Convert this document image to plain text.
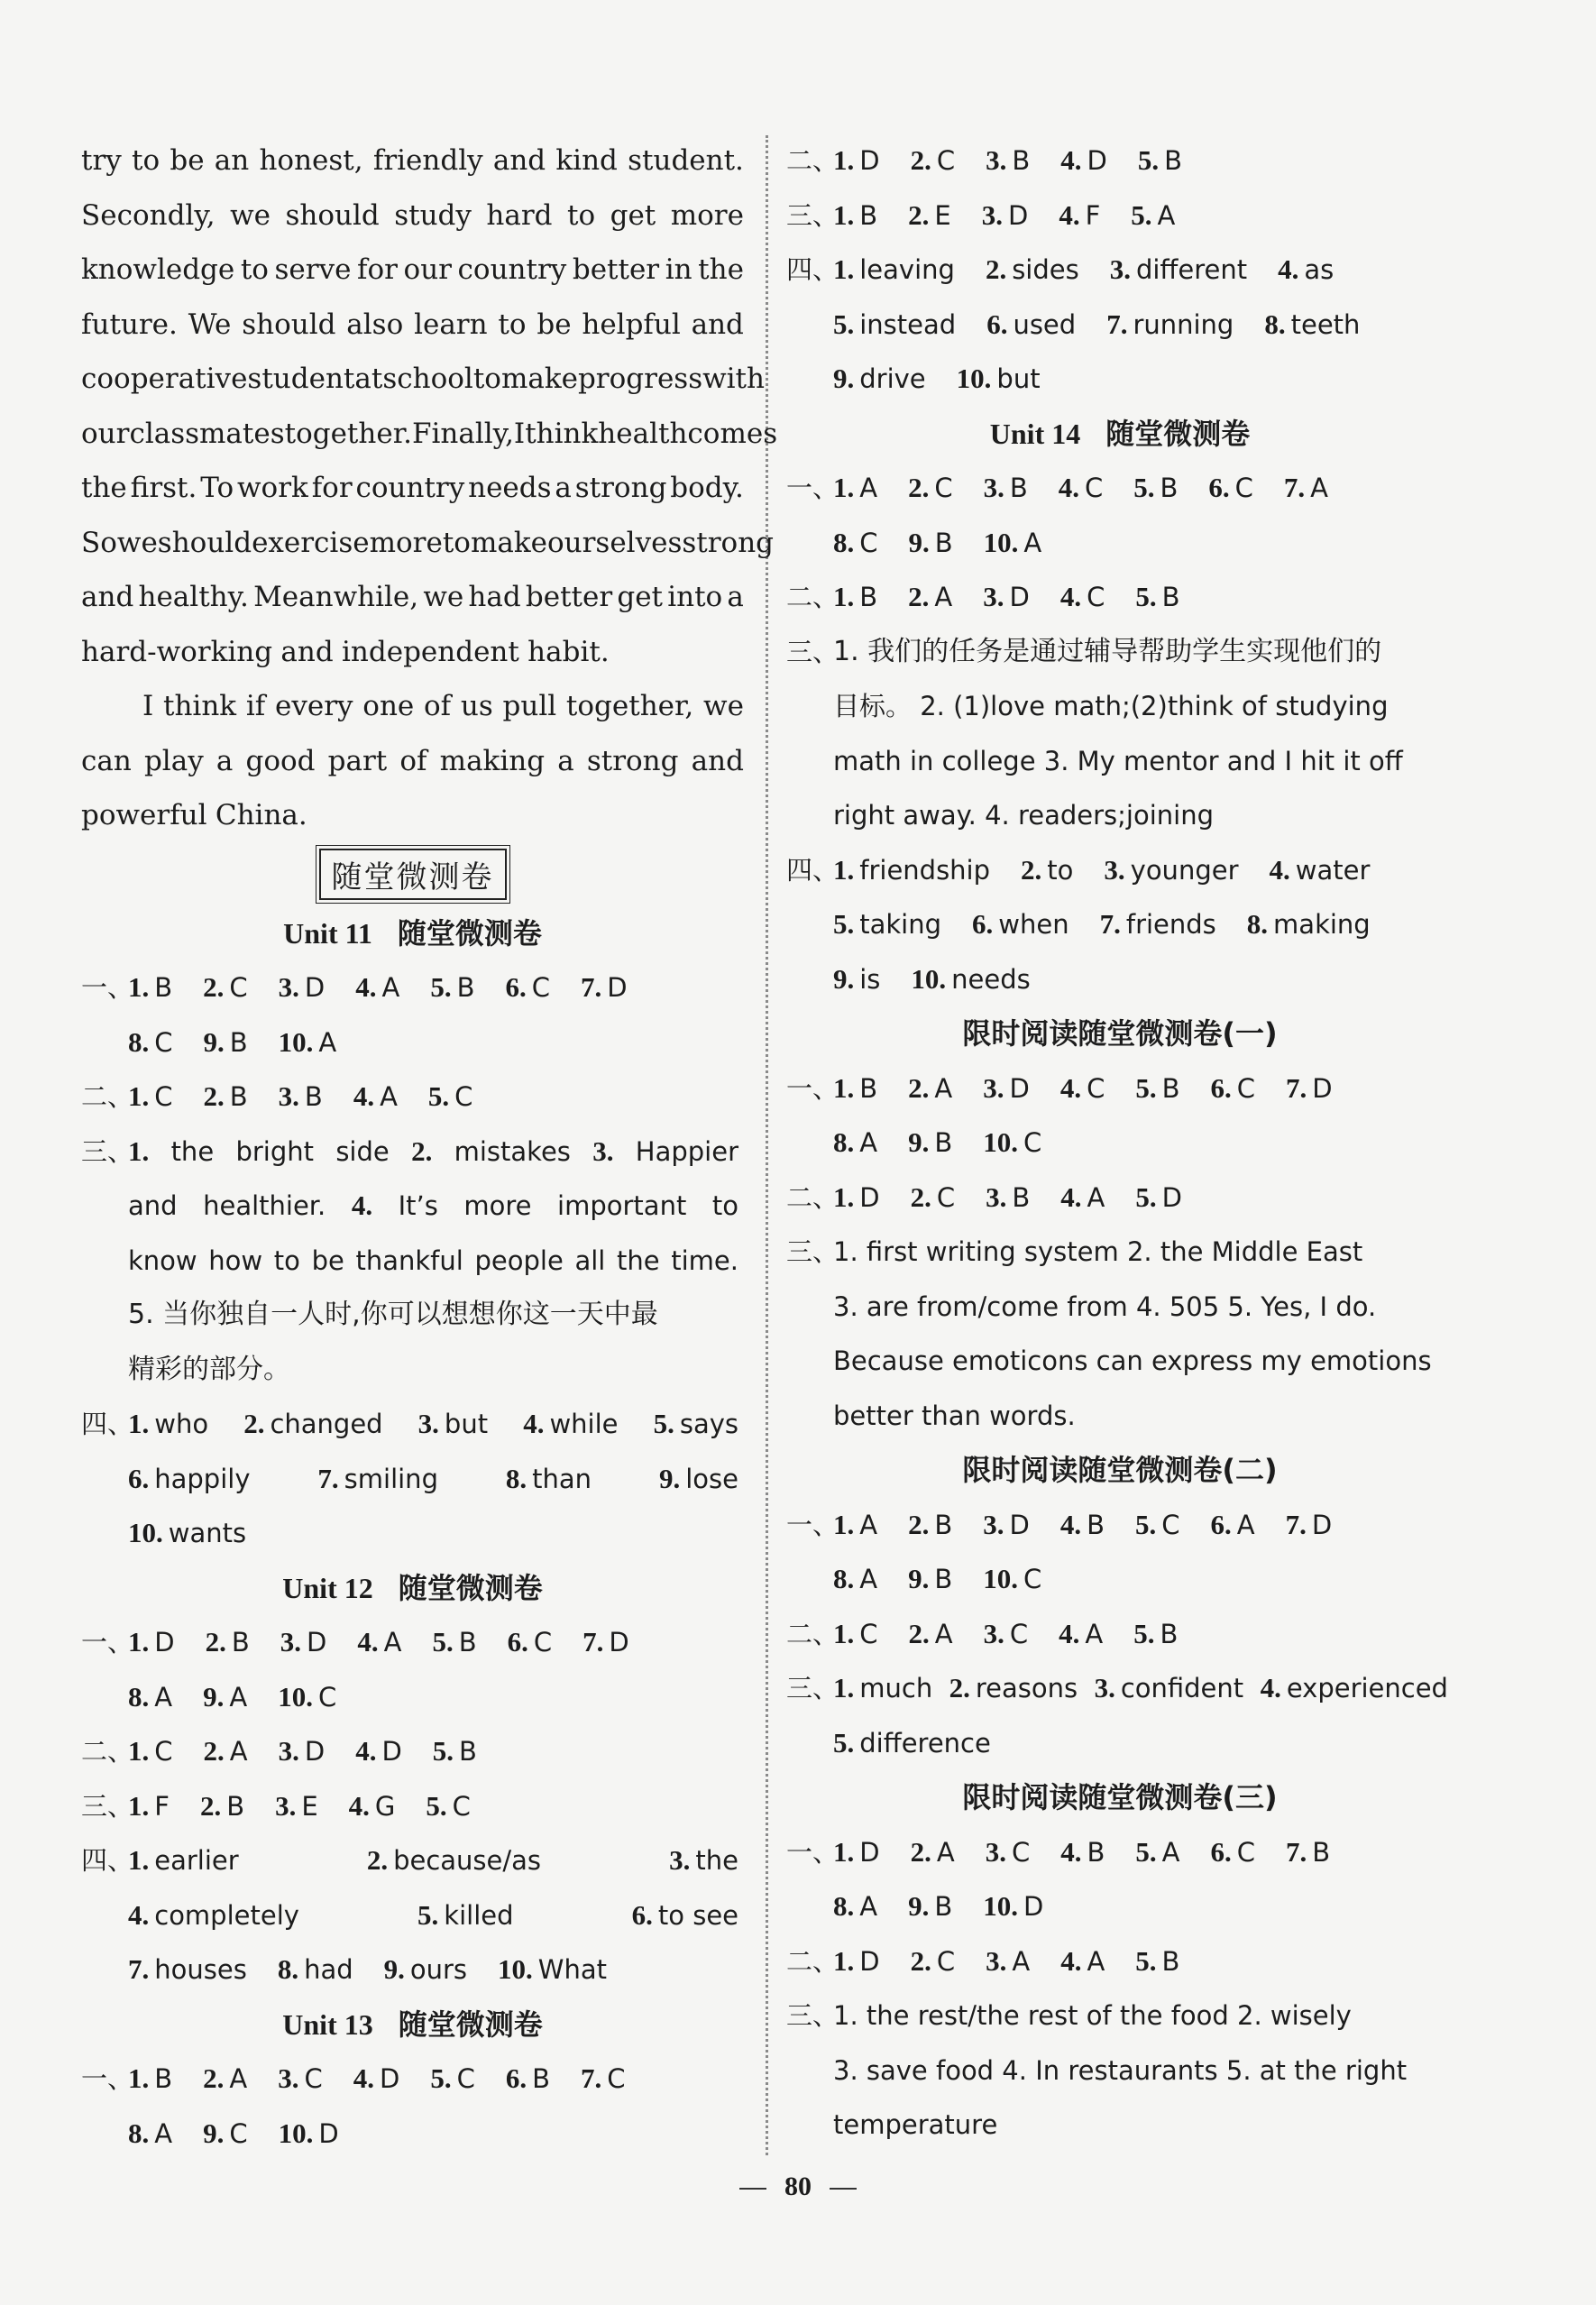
try to be an honest, friendly and kind student.
Secondly, we should study hard to get more
knowledge to serve for our country better in the
future. We should also learn to be helpful and
cooperative student at school to make progress with
our classmates together. Finally,I think health comes
the first. To work for country needs a strong body.
So we should exercise more to make ourselves strong
and healthy. Meanwhile, we had better get into a
hard-working and independent habit.
I think if every one of us pull together, we
can play a good part of making a strong and
powerful China.
随堂微测卷
Unit 11 随堂微测卷
一、
1. B 2. C 3. D 4. A 5. B 6. C 7. D
8. C 9. B 10. A
二、
1. C 2. B 3. B 4. A 5. C
三、
1. the bright side 2. mistakes 3. Happier
and healthier. 4. It’s more important to
know how to be thankful people all the time.
5. 当你独自一人时,你可以想想你这一天中最
精彩的部分。
四、
1. who 2. changed 3. but 4. while 5. says
6. happily 7. smiling 8. than 9. lose
10. wants
Unit 12 随堂微测卷
一、
1. D 2. B 3. D 4. A 5. B 6. C 7. D
8. A 9. A 10. C
二、
1. C 2. A 3. D 4. D 5. B
三、
1. F 2. B 3. E 4. G 5. C
四、
1. earlier	2. because/as	3. the
4. completely	5. killed	6. to see
7. houses 8. had 9. ours 10. What
Unit 13 随堂微测卷
一、
1. B 2. A 3. C 4. D 5. C 6. B 7. C
8. A 9. C 10. D
二、
1. D 2. C 3. B 4. D 5. B
三、
1. B 2. E 3. D 4. F 5. A
四、
1. leaving 2. sides 3. different 4. as
5. instead 6. used 7. running 8. teeth
9. drive 10. but
Unit 14 随堂微测卷
一、
1. A 2. C 3. B 4. C 5. B 6. C 7. A
8. C 9. B 10. A
二、
1. B 2. A 3. D 4. C 5. B
三、
1. 我们的任务是通过辅导帮助学生实现他们的
目标。 2. (1)love math;(2)think of studying
math in college 3. My mentor and I hit it off
right away. 4. readers;joining
四、
1. friendship 2. to 3. younger 4. water
5. taking 6. when 7. friends 8. making
9. is 10. needs
限时阅读随堂微测卷(一)
一、
1. B 2. A 3. D 4. C 5. B 6. C 7. D
8. A 9. B 10. C
二、
1. D 2. C 3. B 4. A 5. D
三、
1. first writing system 2. the Middle East
3. are from/come from 4. 505 5. Yes, I do.
Because emoticons can express my emotions
better than words.
限时阅读随堂微测卷(二)
一、
1. A 2. B 3. D 4. B 5. C 6. A 7. D
8. A 9. B 10. C
二、
1. C 2. A 3. C 4. A 5. B
三、
1. much 2. reasons 3. confident 4. experienced
5. difference
限时阅读随堂微测卷(三)
一、
1. D 2. A 3. C 4. B 5. A 6. C 7. B
8. A 9. B 10. D
二、
1. D 2. C 3. A 4. A 5. B
三、
1. the rest/the rest of the food 2. wisely
3. save food 4. In restaurants 5. at the right
temperature
80
